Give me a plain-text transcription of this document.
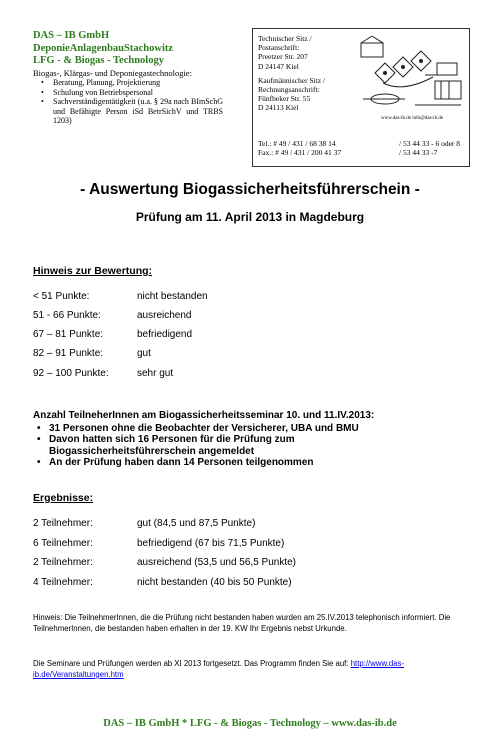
DAS – IB GmbH
DeponieAnlagenbauStachowitz
LFG - & Biogas - Technology
Biogas-, Klärgas- und Deponiegastechnologie:
• Beratung, Planung, Projektierung
• Schulung von Betriebspersonal
• Sachverständigentätigkeit (u.a. § 29a nach BImSchG und Befähigte Person iSd BetrSichV und TRBS 1203)
Technischer Sitz /
Postanschrift:
Preetzer Str. 207
D 24147 Kiel
Kaufmännischer Sitz /
Rechnungsanschrift:
Fünfbeker Str. 55
D 24113 Kiel
www.das-ib.de info@das-ib.de
Tel.: # 49 / 431 / 68 38 14	/ 53 44 33 - 6 oder 8
Fax.: # 49 / 431 / 200 41 37	/ 53 44 33 -7
- Auswertung Biogassicherheitsführerschein -
Prüfung am 11. April 2013 in Magdeburg
Hinweis zur Bewertung:
< 51 Punkte:	nicht bestanden
51 - 66 Punkte:	ausreichend
67 – 81 Punkte:	befriedigend
82 – 91 Punkte:	gut
92 – 100 Punkte:	sehr gut
Anzahl TeilneherInnen am Biogassicherheitsseminar 10. und 11.IV.2013:
• 31 Personen ohne die Beobachter der Versicherer, UBA und BMU
• Davon hatten sich 16 Personen für die Prüfung zum Biogassicherheitsführerschein angemeldet
• An der Prüfung haben dann 14 Personen teilgenommen
Ergebnisse:
2 Teilnehmer:	gut (84,5 und 87,5 Punkte)
6 Teilnehmer:	befriedigend (67 bis 71,5 Punkte)
2 Teilnehmer:	ausreichend (53,5 und 56,5 Punkte)
4 Teilnehmer:	nicht bestanden (40 bis 50 Punkte)
Hinweis: Die TeilnehmerInnen, die die Prüfung nicht bestanden haben wurden am 25.IV.2013 telephonisch informiert. Die TeilnehmerInnen, die bestanden haben erhalten in der 19. KW Ihr Ergebnis nebst Urkunde.
Die Seminare und Prüfungen werden ab XI 2013 fortgesetzt. Das Programm finden Sie auf: http://www.das-ib.de/Veranstaltungen.htm
DAS – IB GmbH * LFG - & Biogas - Technology – www.das-ib.de
